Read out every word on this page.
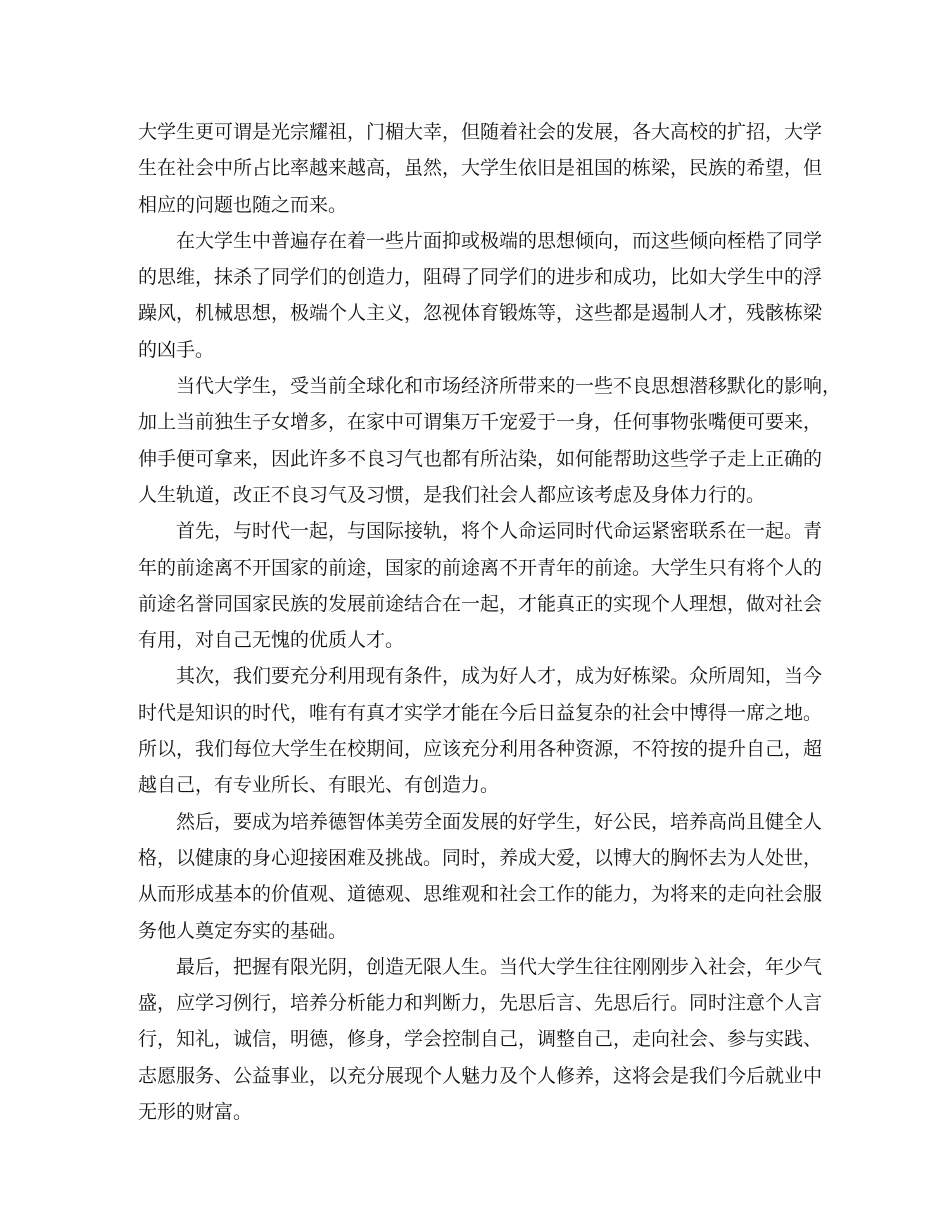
大学生更可谓是光宗耀祖，门楣大幸，但随着社会的发展，各大高校的扩招，大学
生在社会中所占比率越来越高，虽然，大学生依旧是祖国的栋梁，民族的希望，但
相应的问题也随之而来。
在大学生中普遍存在着一些片面抑或极端的思想倾向，而这些倾向桎梏了同学
的思维，抹杀了同学们的创造力，阻碍了同学们的进步和成功，比如大学生中的浮
躁风，机械思想，极端个人主义，忽视体育锻炼等，这些都是遏制人才，残骸栋梁
的凶手。
当代大学生，受当前全球化和市场经济所带来的一些不良思想潜移默化的影响，
加上当前独生子女增多，在家中可谓集万千宠爱于一身，任何事物张嘴便可要来，
伸手便可拿来，因此许多不良习气也都有所沾染，如何能帮助这些学子走上正确的
人生轨道，改正不良习气及习惯，是我们社会人都应该考虑及身体力行的。
首先，与时代一起，与国际接轨，将个人命运同时代命运紧密联系在一起。青
年的前途离不开国家的前途，国家的前途离不开青年的前途。大学生只有将个人的
前途名誉同国家民族的发展前途结合在一起，才能真正的实现个人理想，做对社会
有用，对自己无愧的优质人才。
其次，我们要充分利用现有条件，成为好人才，成为好栋梁。众所周知，当今
时代是知识的时代，唯有有真才实学才能在今后日益复杂的社会中博得一席之地。
所以，我们每位大学生在校期间，应该充分利用各种资源，不符按的提升自己，超
越自己，有专业所长、有眼光、有创造力。
然后，要成为培养德智体美劳全面发展的好学生，好公民，培养高尚且健全人
格，以健康的身心迎接困难及挑战。同时，养成大爱，以博大的胸怀去为人处世，
从而形成基本的价值观、道德观、思维观和社会工作的能力，为将来的走向社会服
务他人奠定夯实的基础。
最后，把握有限光阴，创造无限人生。当代大学生往往刚刚步入社会，年少气
盛，应学习例行，培养分析能力和判断力，先思后言、先思后行。同时注意个人言
行，知礼，诚信，明德，修身，学会控制自己，调整自己，走向社会、参与实践、
志愿服务、公益事业，以充分展现个人魅力及个人修养，这将会是我们今后就业中
无形的财富。
